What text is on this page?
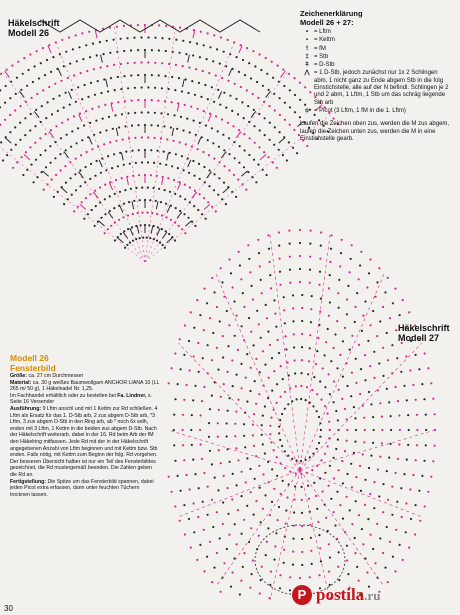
Häkelschrift
Modell 26
Häkelschrift
Modell 27
Zeichenerklärung
Modell 26 + 27:
• = Lftm
▪ = Kettm
† = fM
‡ = Stb
ǂ = D-Stb
⋀ = 1 D-Stb, jedoch zunächst nur 1x 2 Schlingen abm, 1 nicht ganz zu Ende abgem Stb in die folg Einstichstelle, alle auf der N befindl. Schlingen je 2 und 2 abm, 1 Lftm, 1 Stb um das schräg liegende Stb arb
ọ = Picot (3 Lftm, 1 fM in die 1. Lftm)
Laufen die Zeichen oben zus, werden die M zus abgem, laufen die Zeichen unten zus, werden die M in eine Einstichstelle gearb.
Modell 26
Fensterbild

Größe: ca. 27 cm Durchmesser

Material: ca. 30 g weißes Baumwollgarn ANCHOR LIANA 10 (LL 265 m/ 50 g), 1 Häkelnadel Nr. 1,25.

Im Fachhandel erhältlich oder zu bestellen bei Fa. Lindner, s. Seite 16 Versender

Ausführung: 9 Lftm anschl und mit 1 Kettm zur Rd schließen. 4 Lftm als Ersatz für das 1. D-Stb arb, 2 zus abgem D-Stb arb, *3 Lftm, 3 zus abgem D-Stb in den Ring arb, ab * noch 6x wdh, enden mit 3 Lftm, 1 Kettm in die beiden zus abgem D-Stb. Nach der Häkelschrift weiterarb, dabei in der 16. Rd beim Arb der fM den Häkelring mitfassen. Jede Rd mit der in der Häkelschrift angegebenen Anzahl von Lftm beginnen und mit Kettm bzw. Stb enden. Falls nötig, mit Kettm zum Beginn der folg. Rd vorgehen. Der besseren Übersicht halber ist nur ein Teil des Fensterbildes gezeichnet, die Rd mustergemäß beenden. Die Zahlen geben die Rd an.

Fertigstellung: Die Spitze um das Fensterbild spannen, dabei jeden Picot extra erfassen, dann unter feuchten Tüchern trocknen lassen.

30
P postila.ru
